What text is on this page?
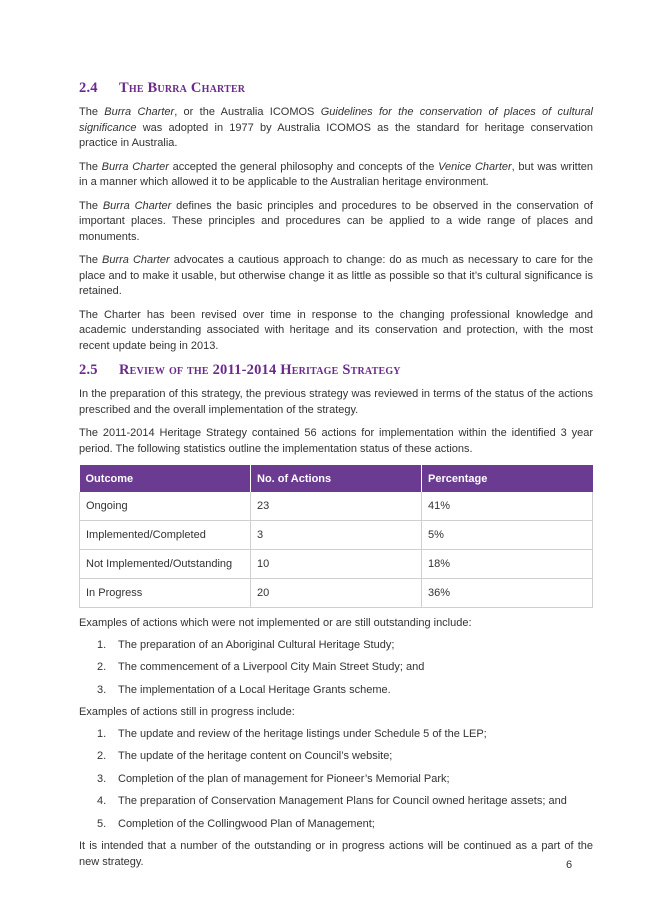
2.4 The Burra Charter

The Burra Charter, or the Australia ICOMOS Guidelines for the conservation of places of cultural significance was adopted in 1977 by Australia ICOMOS as the standard for heritage conservation practice in Australia.

The Burra Charter accepted the general philosophy and concepts of the Venice Charter, but was written in a manner which allowed it to be applicable to the Australian heritage environment.

The Burra Charter defines the basic principles and procedures to be observed in the conservation of important places. These principles and procedures can be applied to a wide range of places and monuments.

The Burra Charter advocates a cautious approach to change: do as much as necessary to care for the place and to make it usable, but otherwise change it as little as possible so that it’s cultural significance is retained.

The Charter has been revised over time in response to the changing professional knowledge and academic understanding associated with heritage and its conservation and protection, with the most recent update being in 2013.

2.5 Review of the 2011-2014 Heritage Strategy

In the preparation of this strategy, the previous strategy was reviewed in terms of the status of the actions prescribed and the overall implementation of the strategy.

The 2011-2014 Heritage Strategy contained 56 actions for implementation within the identified 3 year period. The following statistics outline the implementation status of these actions.

Outcome	No. of Actions	Percentage
Ongoing	23	41%
Implemented/Completed	3	5%
Not Implemented/Outstanding	10	18%
In Progress	20	36%

Examples of actions which were not implemented or are still outstanding include:

1. The preparation of an Aboriginal Cultural Heritage Study;
2. The commencement of a Liverpool City Main Street Study; and
3. The implementation of a Local Heritage Grants scheme.

Examples of actions still in progress include:

1. The update and review of the heritage listings under Schedule 5 of the LEP;
2. The update of the heritage content on Council’s website;
3. Completion of the plan of management for Pioneer’s Memorial Park;
4. The preparation of Conservation Management Plans for Council owned heritage assets; and
5. Completion of the Collingwood Plan of Management;

It is intended that a number of the outstanding or in progress actions will be continued as a part of the new strategy.	6
